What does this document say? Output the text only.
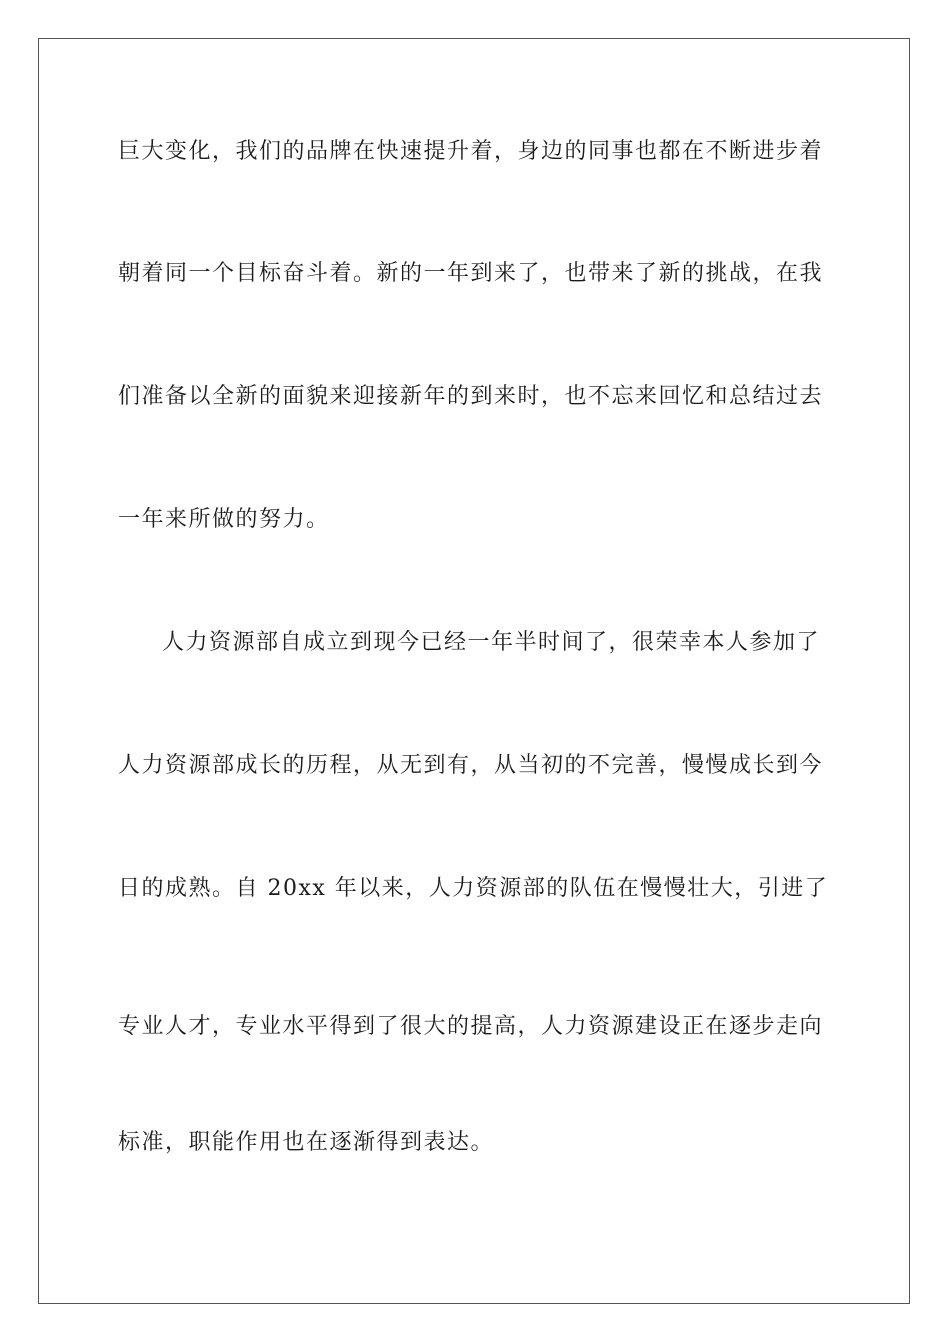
巨大变化，我们的品牌在快速提升着，身边的同事也都在不断进步着
朝着同一个目标奋斗着。新的一年到来了，也带来了新的挑战，在我
们准备以全新的面貌来迎接新年的到来时，也不忘来回忆和总结过去
一年来所做的努力。
人力资源部自成立到现今已经一年半时间了，很荣幸本人参加了
人力资源部成长的历程，从无到有，从当初的不完善，慢慢成长到今
日的成熟。自 20xx 年以来，人力资源部的队伍在慢慢壮大，引进了
专业人才，专业水平得到了很大的提高，人力资源建设正在逐步走向
标准，职能作用也在逐渐得到表达。
